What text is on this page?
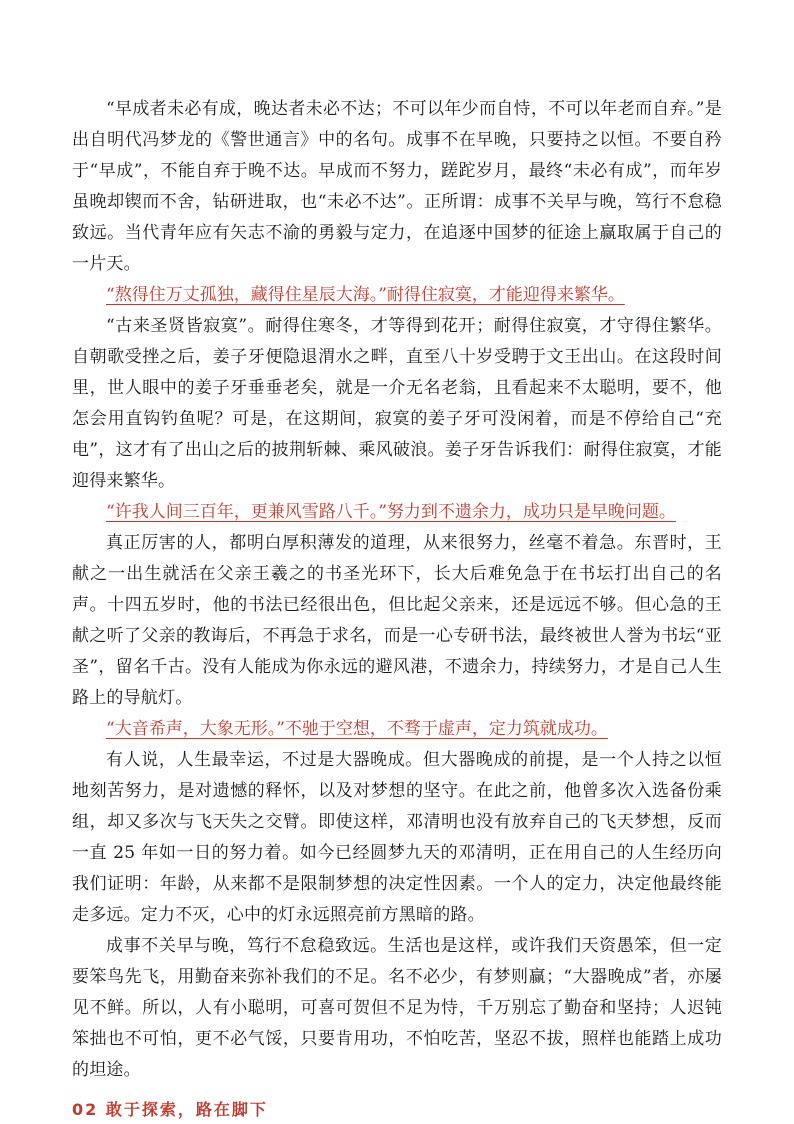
“早成者未必有成，晚达者未必不达；不可以年少而自恃，不可以年老而自弃。”是出自明代冯梦龙的《警世通言》中的名句。成事不在早晚，只要持之以恒。不要自矜于“早成”，不能自弃于晚不达。早成而不努力，蹉跎岁月，最终“未必有成”，而年岁虽晚却锲而不舍，钻研进取，也“未必不达”。正所谓：成事不关早与晚，笃行不怠稳致远。当代青年应有矢志不渝的勇毅与定力，在追逐中国梦的征途上赢取属于自己的一片天。

“熬得住万丈孤独，藏得住星辰大海。”耐得住寂寞，才能迎得来繁华。

“古来圣贤皆寂寞”。耐得住寒冬，才等得到花开；耐得住寂寞，才守得住繁华。自朝歌受挫之后，姜子牙便隐退渭水之畔，直至八十岁受聘于文王出山。在这段时间里，世人眼中的姜子牙垂垂老矣，就是一介无名老翁，且看起来不太聪明，要不，他怎会用直钩钓鱼呢？可是，在这期间，寂寞的姜子牙可没闲着，而是不停给自己“充电”，这才有了出山之后的披荆斩棘、乘风破浪。姜子牙告诉我们：耐得住寂寞，才能迎得来繁华。

“许我人间三百年，更兼风雪路八千。”努力到不遗余力，成功只是早晚问题。

真正厉害的人，都明白厚积薄发的道理，从来很努力，丝毫不着急。东晋时，王献之一出生就活在父亲王羲之的书圣光环下，长大后难免急于在书坛打出自己的名声。十四五岁时，他的书法已经很出色，但比起父亲来，还是远远不够。但心急的王献之听了父亲的教诲后，不再急于求名，而是一心专研书法，最终被世人誉为书坛“亚圣”，留名千古。没有人能成为你永远的避风港，不遗余力，持续努力，才是自己人生路上的导航灯。

“大音希声，大象无形。”不驰于空想，不骛于虚声，定力筑就成功。

有人说，人生最幸运，不过是大器晚成。但大器晚成的前提，是一个人持之以恒地刻苦努力，是对遗憾的释怀，以及对梦想的坚守。在此之前，他曾多次入选备份乘组，却又多次与飞天失之交臂。即使这样，邓清明也没有放弃自己的飞天梦想，反而一直 25 年如一日的努力着。如今已经圆梦九天的邓清明，正在用自己的人生经历向我们证明：年龄，从来都不是限制梦想的决定性因素。一个人的定力，决定他最终能走多远。定力不灭，心中的灯永远照亮前方黑暗的路。

成事不关早与晚，笃行不怠稳致远。生活也是这样，或许我们天资愚笨，但一定要笨鸟先飞，用勤奋来弥补我们的不足。名不必少，有梦则赢；“大器晚成”者，亦屡见不鲜。所以，人有小聪明，可喜可贺但不足为恃，千万别忘了勤奋和坚持；人迟钝笨拙也不可怕，更不必气馁，只要肯用功，不怕吃苦，坚忍不拔，照样也能踏上成功的坦途。

02 敢于探索，路在脚下
